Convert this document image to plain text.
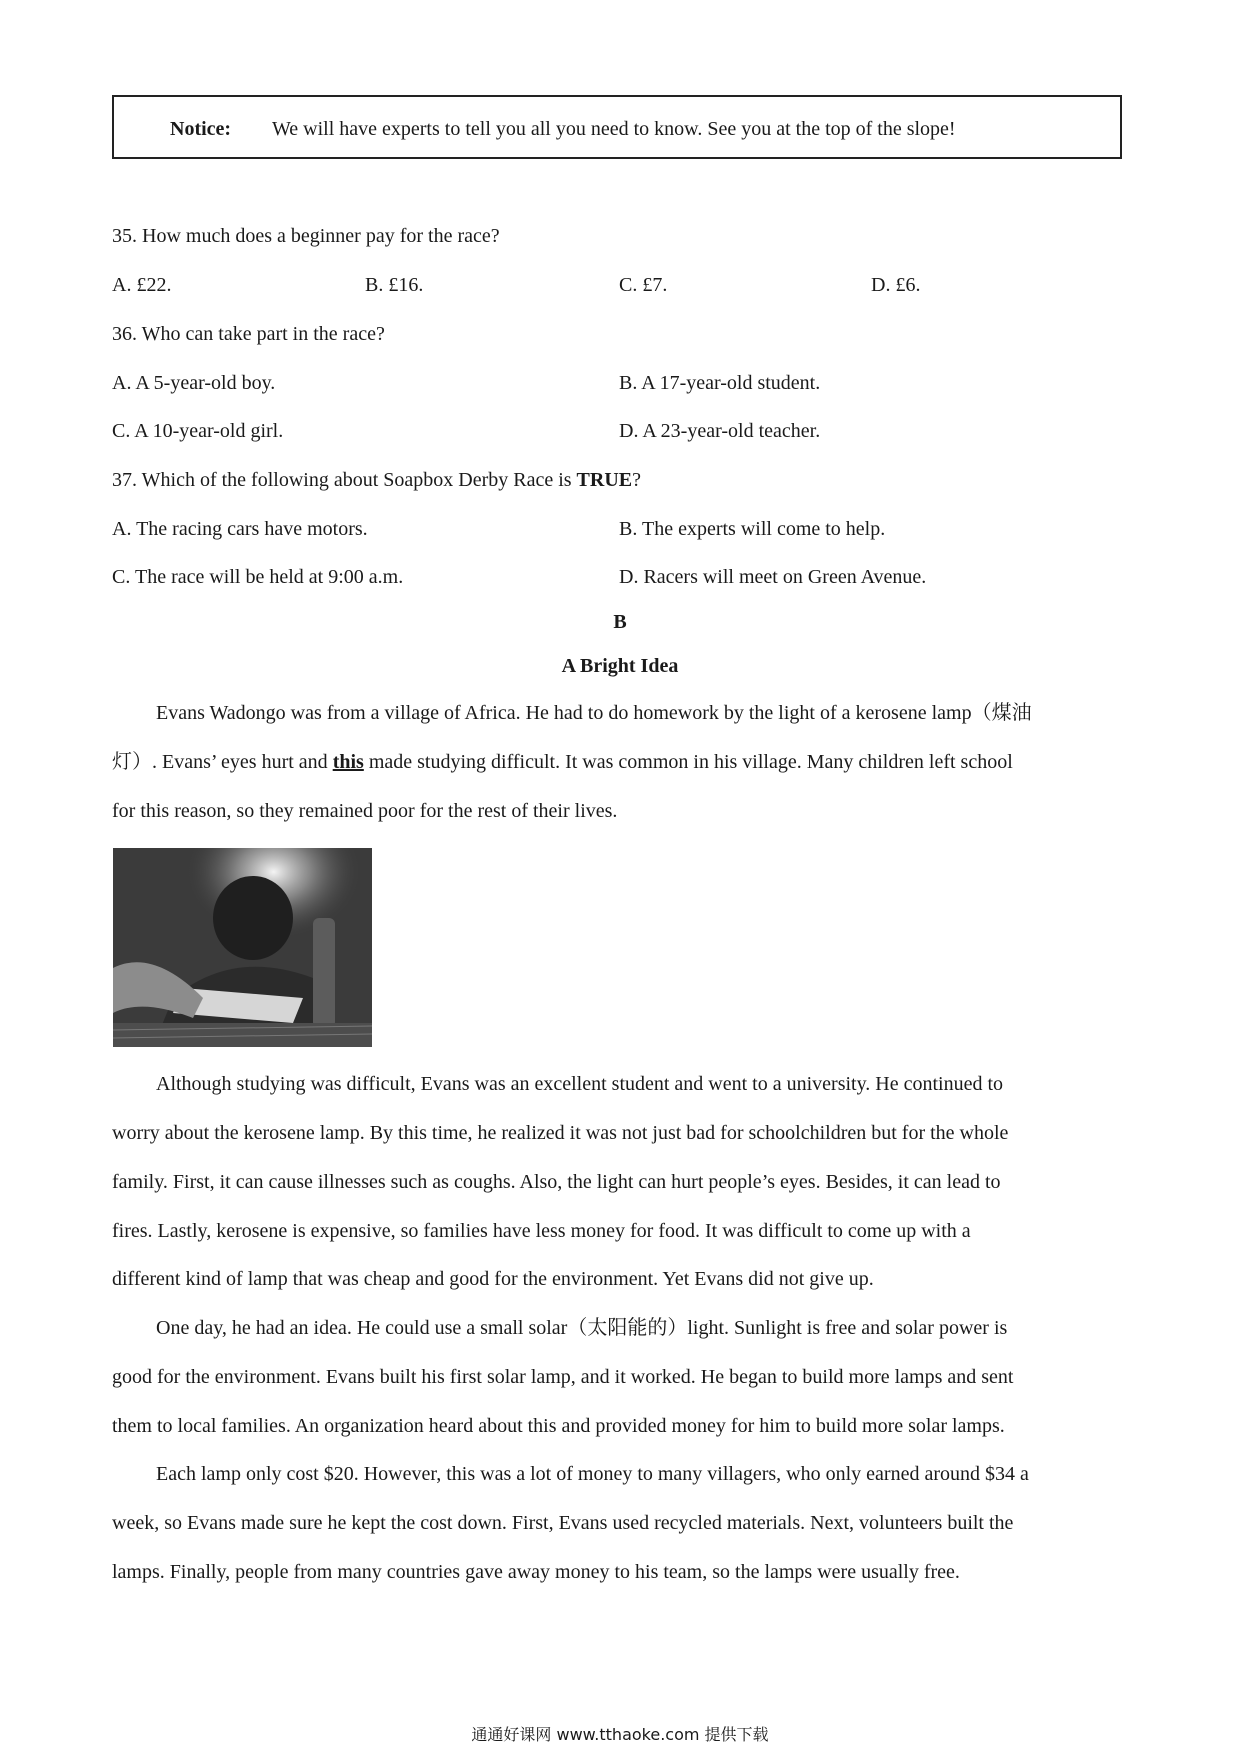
Notice: We will have experts to tell you all you need to know. See you at the top of the slope!
35. How much does a beginner pay for the race?
A. £22.	B. £16.	C. £7.	D. £6.
36. Who can take part in the race?
A. A 5-year-old boy.	B. A 17-year-old student.
C. A 10-year-old girl.	D. A 23-year-old teacher.
37. Which of the following about Soapbox Derby Race is TRUE?
A. The racing cars have motors.	B. The experts will come to help.
C. The race will be held at 9:00 a.m.	D. Racers will meet on Green Avenue.
B
A Bright Idea
Evans Wadongo was from a village of Africa. He had to do homework by the light of a kerosene lamp（煤油
灯）. Evans’ eyes hurt and this made studying difficult. It was common in his village. Many children left school
for this reason, so they remained poor for the rest of their lives.
Although studying was difficult, Evans was an excellent student and went to a university. He continued to
worry about the kerosene lamp. By this time, he realized it was not just bad for schoolchildren but for the whole
family. First, it can cause illnesses such as coughs. Also, the light can hurt people’s eyes. Besides, it can lead to
fires. Lastly, kerosene is expensive, so families have less money for food. It was difficult to come up with a
different kind of lamp that was cheap and good for the environment. Yet Evans did not give up.
One day, he had an idea. He could use a small solar（太阳能的）light. Sunlight is free and solar power is
good for the environment. Evans built his first solar lamp, and it worked. He began to build more lamps and sent
them to local families. An organization heard about this and provided money for him to build more solar lamps.
Each lamp only cost $20. However, this was a lot of money to many villagers, who only earned around $34 a
week, so Evans made sure he kept the cost down. First, Evans used recycled materials. Next, volunteers built the
lamps. Finally, people from many countries gave away money to his team, so the lamps were usually free.
通通好课网 www.tthaoke.com 提供下载
